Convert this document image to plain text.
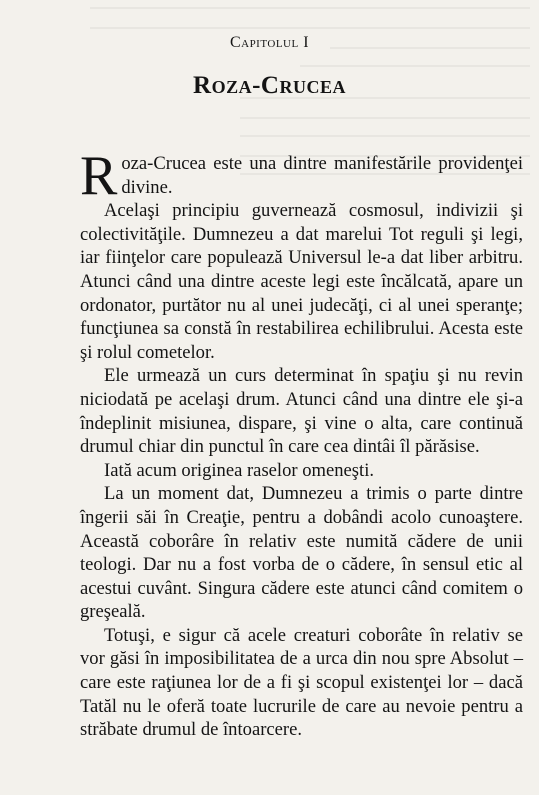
Capitolul I
Roza-Crucea

Roza-Crucea este una dintre manifestările providenţei divine.

Acelaşi principiu guvernează cosmosul, indivizii şi colectivităţile. Dumnezeu a dat marelui Tot reguli şi legi, iar fiinţelor care populează Universul le-a dat liber arbitru. Atunci când una dintre aceste legi este încălcată, apare un ordonator, purtător nu al unei judecăţi, ci al unei speranţe; funcţiunea sa constă în restabilirea echilibrului. Acesta este şi rolul cometelor.

Ele urmează un curs determinat în spaţiu şi nu revin niciodată pe acelaşi drum. Atunci când una dintre ele şi-a îndeplinit misiunea, dispare, şi vine o alta, care continuă drumul chiar din punctul în care cea dintâi îl părăsise.

Iată acum originea raselor omeneşti.

La un moment dat, Dumnezeu a trimis o parte dintre îngerii săi în Creaţie, pentru a dobândi acolo cunoaştere. Această coborâre în relativ este numită cădere de unii teologi. Dar nu a fost vorba de o cădere, în sensul etic al acestui cuvânt. Singura cădere este atunci când comitem o greşeală.

Totuşi, e sigur că acele creaturi coborâte în relativ se vor găsi în imposibilitatea de a urca din nou spre Absolut – care este raţiunea lor de a fi şi scopul existenţei lor – dacă Tatăl nu le oferă toate lucrurile de care au nevoie pentru a străbate drumul de întoarcere.
